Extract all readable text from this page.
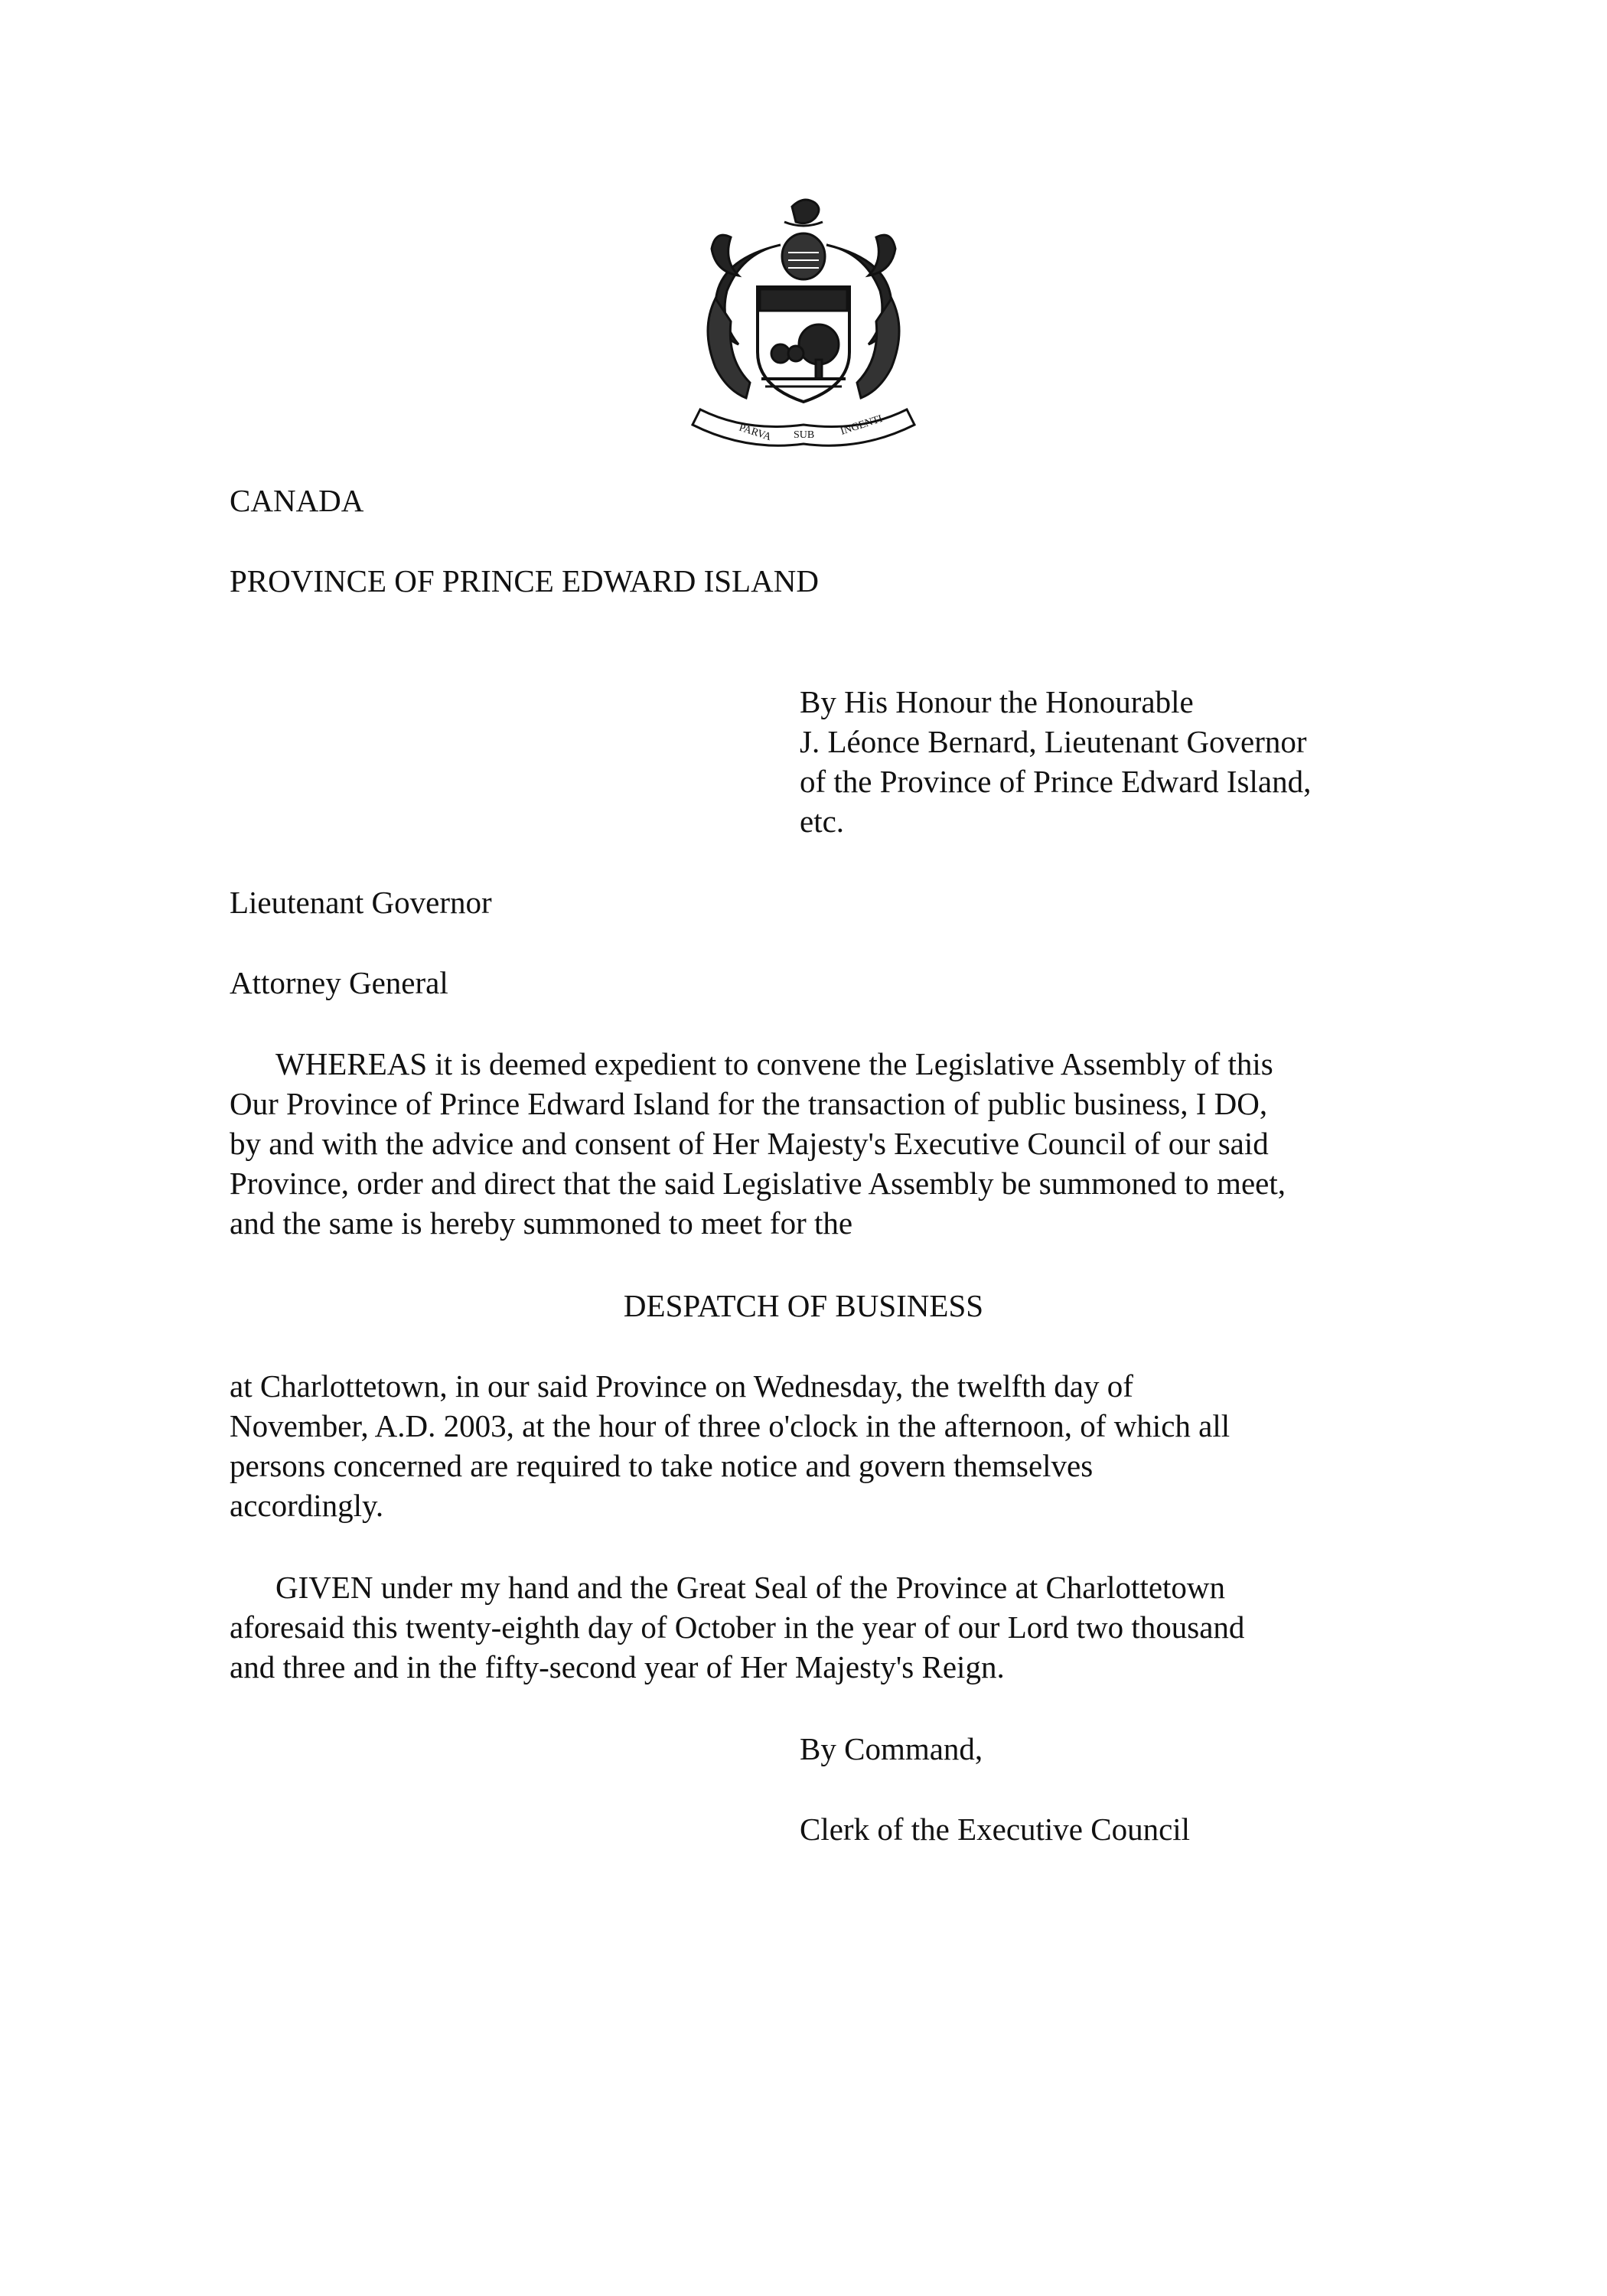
PARVA SUB INGENTI

CANADA

PROVINCE OF PRINCE EDWARD ISLAND

By His Honour the Honourable

J. Léonce Bernard, Lieutenant Governor

of the Province of Prince Edward Island,

etc.

Lieutenant Governor

Attorney General

WHEREAS it is deemed expedient to convene the Legislative Assembly of this
Our Province of Prince Edward Island for the transaction of public business, I DO,
by and with the advice and consent of Her Majesty's Executive Council of our said
Province, order and direct that the said Legislative Assembly be summoned to meet,
and the same is hereby summoned to meet for the

DESPATCH OF BUSINESS

at Charlottetown, in our said Province on Wednesday, the twelfth day of
November, A.D. 2003, at the hour of three o'clock in the afternoon, of which all
persons concerned are required to take notice and govern themselves
accordingly.
GIVEN under my hand and the Great Seal of the Province at Charlottetown
aforesaid this twenty-eighth day of October in the year of our Lord two thousand
and three and in the fifty-second year of Her Majesty's Reign.

By Command,

Clerk of the Executive Council
